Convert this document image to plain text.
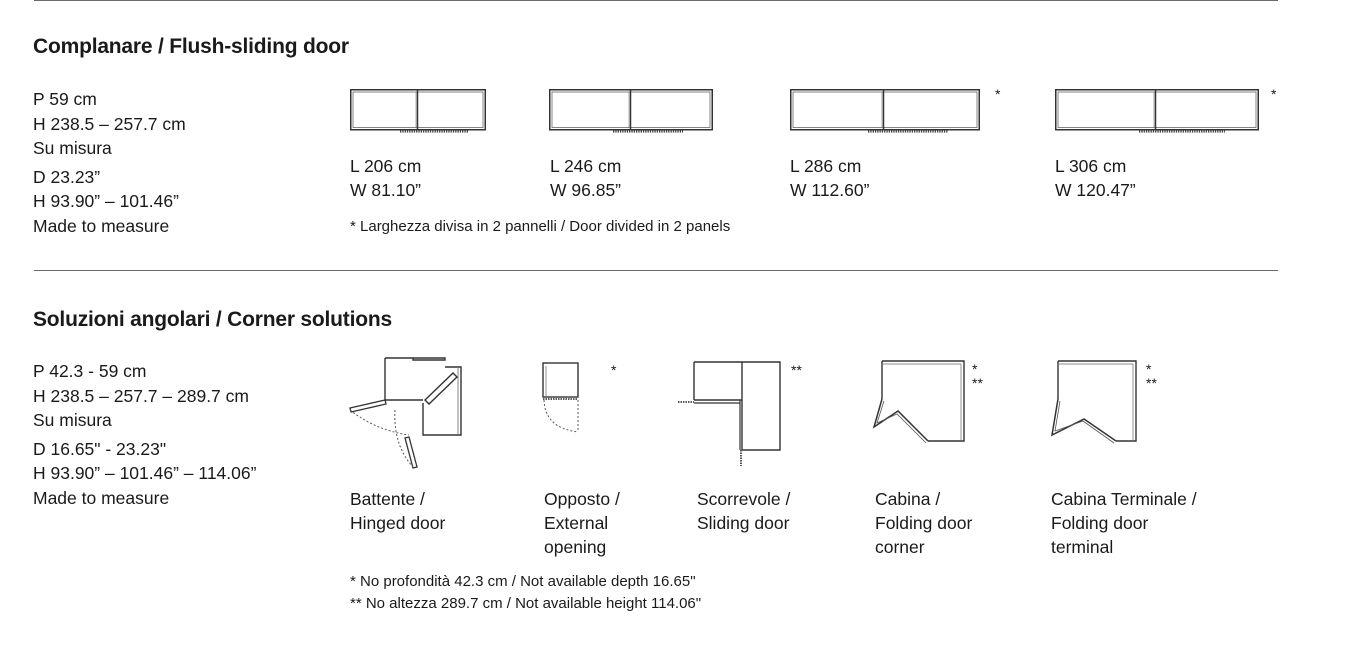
Complanare / Flush-sliding door
P 59 cm
H 238.5 – 257.7 cm
Su misura
D 23.23”
H 93.90” – 101.46”
Made to measure
L 206 cm
W 81.10”
L 246 cm
W 96.85”
*
L 286 cm
W 112.60”
*
L 306 cm
W 120.47”
* Larghezza divisa in 2 pannelli / Door divided in 2 panels
Soluzioni angolari / Corner solutions
P 42.3 - 59 cm
H 238.5 – 257.7 – 289.7 cm
Su misura
D 16.65" - 23.23"
H 93.90” – 101.46” – 114.06”
Made to measure	Battente /
Hinged door
*
Opposto /
External
opening
**
Scorrevole /
Sliding door
*
**
Cabina /
Folding door
corner
*
**
Cabina Terminale /
Folding door
terminal
* No profondità 42.3 cm / Not available depth 16.65"
** No altezza 289.7 cm / Not available height 114.06"
